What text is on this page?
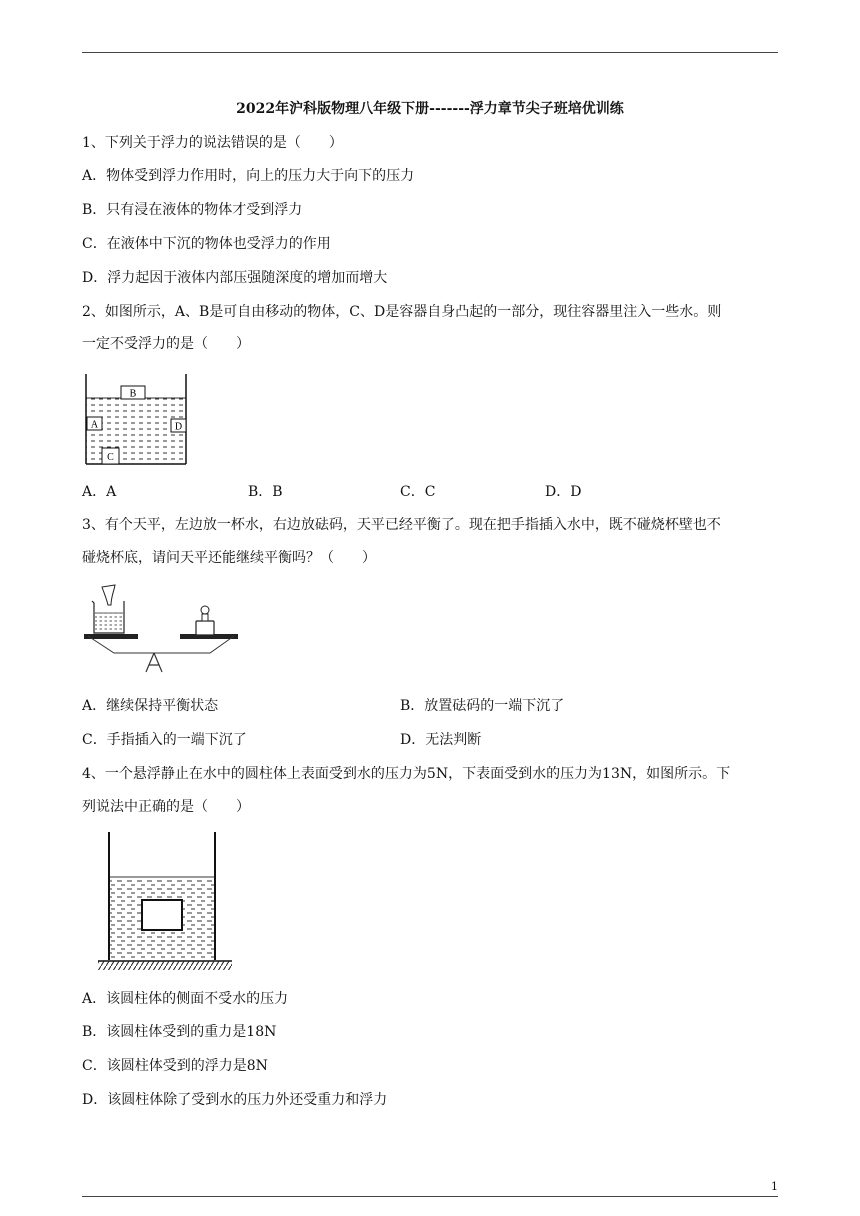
2022年沪科版物理八年级下册-------浮力章节尖子班培优训练
1、下列关于浮力的说法错误的是（　　）
A．物体受到浮力作用时，向上的压力大于向下的压力
B．只有浸在液体的物体才受到浮力
C．在液体中下沉的物体也受浮力的作用
D．浮力起因于液体内部压强随深度的增加而增大
2、如图所示，A、B是可自由移动的物体，C、D是容器自身凸起的一部分，现往容器里注入一些水。则
一定不受浮力的是（　　）
B
A	D
C
A．A	B．B	C．C	D．D
3、有个天平，左边放一杯水，右边放砝码，天平已经平衡了。现在把手指插入水中，既不碰烧杯壁也不
碰烧杯底，请问天平还能继续平衡吗？（　　）
A．继续保持平衡状态	B．放置砝码的一端下沉了
C．手指插入的一端下沉了	D．无法判断
4、一个悬浮静止在水中的圆柱体上表面受到水的压力为5N，下表面受到水的压力为13N，如图所示。下
列说法中正确的是（　　）
A．该圆柱体的侧面不受水的压力
B．该圆柱体受到的重力是18N
C．该圆柱体受到的浮力是8N
D．该圆柱体除了受到水的压力外还受重力和浮力
1
